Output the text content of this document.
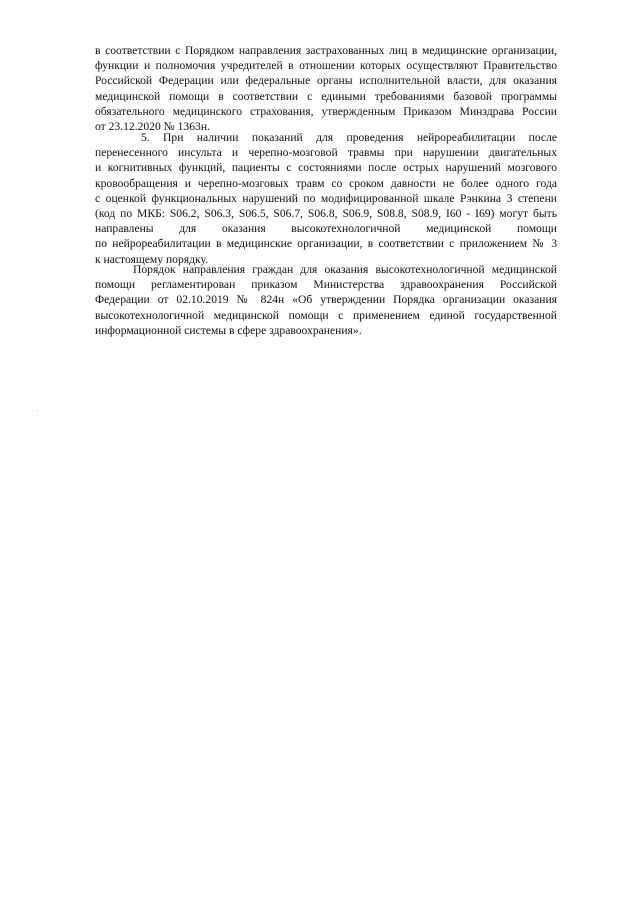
в соответствии с Порядком направления застрахованных лиц в медицинские организации,
функции и полномочия учредителей в отношении которых осуществляют Правительство
Российской Федерации или федеральные органы исполнительной власти, для оказания
медицинской помощи в соответствии с едиными требованиями базовой программы
обязательного медицинского страхования, утвержденным Приказом Минздрава России
от 23.12.2020 № 1363н.
5. При наличии показаний для проведения нейрореабилитации после
перенесенного инсульта и черепно-мозговой травмы при нарушении двигательных
и когнитивных функций, пациенты с состояниями после острых нарушений мозгового
кровообращения и черепно-мозговых травм со сроком давности не более одного года
с оценкой функциональных нарушений по модифицированной шкале Рэнкина 3 степени
(код по МКБ: S06.2, S06.3, S06.5, S06.7, S06.8, S06.9, S08.8, S08.9, I60 - I69) могут быть
направлены для оказания высокотехнологичной медицинской помощи
по нейрореабилитации в медицинские организации, в соответствии с приложением № 3
к настоящему порядку.
Порядок направления граждан для оказания высокотехнологичной медицинской
помощи регламентирован приказом Министерства здравоохранения Российской
Федерации от 02.10.2019 № 824н «Об утверждении Порядка организации оказания
высокотехнологичной медицинской помощи с применением единой государственной
информационной системы в сфере здравоохранения».
